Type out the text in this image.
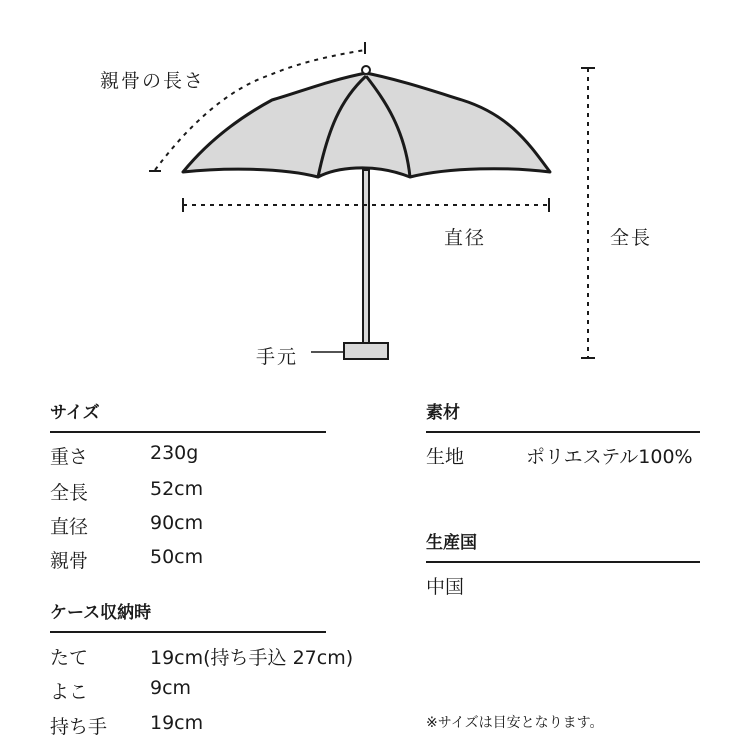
親骨の長さ
直径	全長
手元
サイズ
重さ	230g
全長	52cm
直径	90cm
親骨	50cm
ケース収納時
たて	19cm(持ち手込 27cm)
よこ	9cm
持ち手 19cm
素材
生地	ポリエステル100%
生産国
中国
※サイズは目安となります。
